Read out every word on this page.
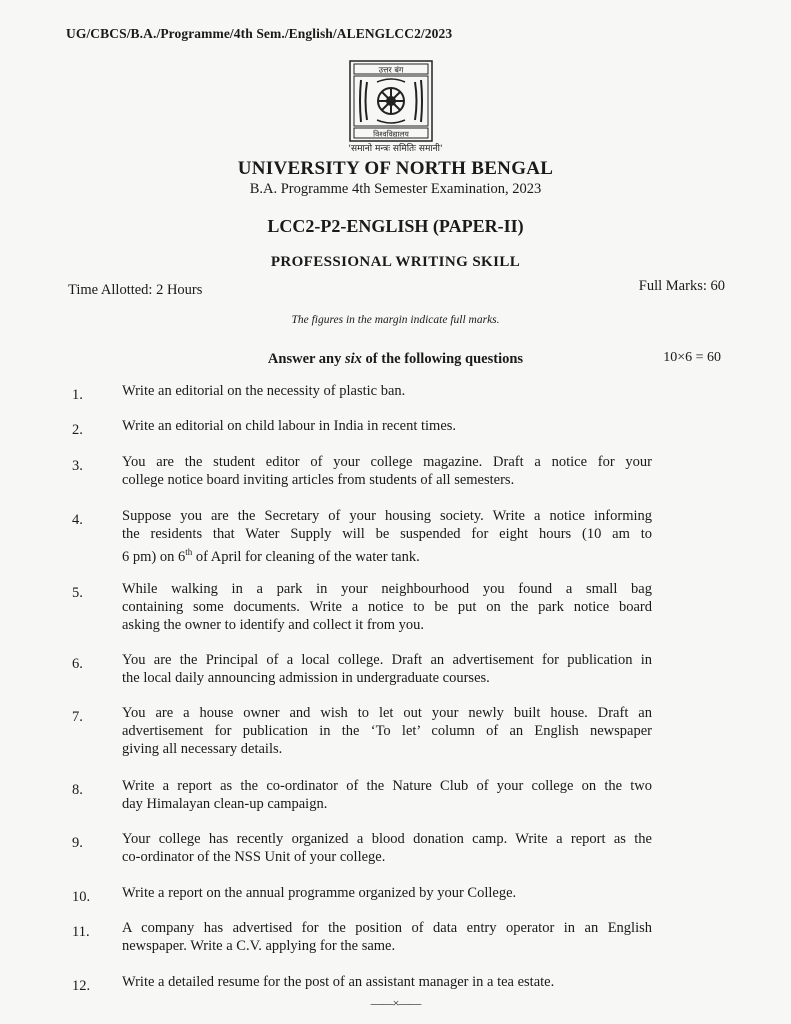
UG/CBCS/B.A./Programme/4th Sem./English/ALENGLCC2/2023
उत्तर बंग
विश्वविद्यालय
'समानो मन्त्रः समितिः समानी'
UNIVERSITY OF NORTH BENGAL
B.A. Programme 4th Semester Examination, 2023
LCC2-P2-ENGLISH (PAPER-II)
PROFESSIONAL WRITING SKILL
Time Allotted: 2 Hours	Full Marks: 60
The figures in the margin indicate full marks.
Answer any six of the following questions	10×6 = 60
1.	Write an editorial on the necessity of plastic ban.
2.	Write an editorial on child labour in India in recent times.
3.	You are the student editor of your college magazine. Draft a notice for your
college notice board inviting articles from students of all semesters.
4.	Suppose you are the Secretary of your housing society. Write a notice informing
the residents that Water Supply will be suspended for eight hours (10 am to
6 pm) on 6th of April for cleaning of the water tank.
5.	While walking in a park in your neighbourhood you found a small bag
containing some documents. Write a notice to be put on the park notice board
asking the owner to identify and collect it from you.
6.	You are the Principal of a local college. Draft an advertisement for publication in
the local daily announcing admission in undergraduate courses.
7.	You are a house owner and wish to let out your newly built house. Draft an
advertisement for publication in the ‘To let’ column of an English newspaper
giving all necessary details.
8.	Write a report as the co-ordinator of the Nature Club of your college on the two
day Himalayan clean-up campaign.
9.	Your college has recently organized a blood donation camp. Write a report as the
co-ordinator of the NSS Unit of your college.
10.	Write a report on the annual programme organized by your College.
11.	A company has advertised for the position of data entry operator in an English
newspaper. Write a C.V. applying for the same.
12.	Write a detailed resume for the post of an assistant manager in a tea estate.
——×——
